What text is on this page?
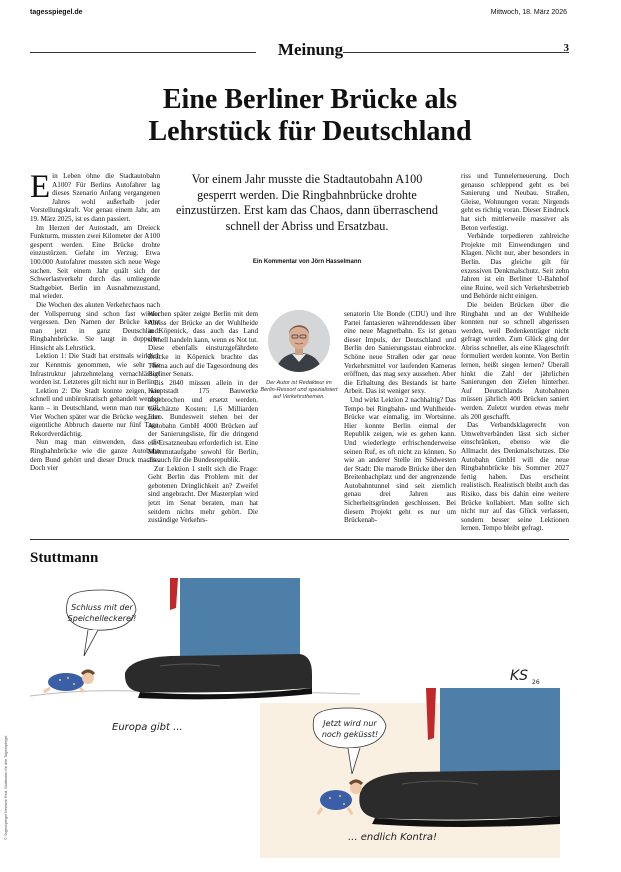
tagesspiegel.de	Mittwoch, 18. März 2026
3
Meinung
Eine Berliner Brücke als
Lehrstück für Deutschland

Ein Leben ohne die Stadtautobahn A100? Für Berlins Autofahrer lag dieses Szenario Anfang vergangenen Jahres wohl außerhalb jeder Vorstellungskraft. Vor genau einem Jahr, am 19. März 2025, ist es dann passiert.

Im Herzen der Autostadt, am Dreieck Funkturm, mussten zwei Kilometer der A100 gesperrt werden. Eine Brücke drohte einzustürzen. Gefahr im Verzug. Etwa 100.000 Autofahrer mussten sich neue Wege suchen. Seit einem Jahr quält sich der Schwerlastverkehr durch das umliegende Stadtgebiet. Berlin im Ausnahmezustand, mal wieder.

Die Wochen des akuten Verkehrchaos nach der Vollsperrung sind schon fast wieder vergessen. Den Namen der Brücke kennt man jetzt in ganz Deutschland: Ringbahnbrücke. Sie taugt in doppelter Hinsicht als Lehrstück.

Lektion 1: Die Stadt hat erstmals wirklich zur Kenntnis genommen, wie sehr die Infrastruktur jahrzehntelang vernachlässigt worden ist. Letzteres gilt nicht nur in Berlin.

Lektion 2: Die Stadt konnte zeigen, wie schnell und unbürokratisch gehandelt werden kann – in Deutschland, wenn man nur will. Vier Wochen später war die Brücke weg, der eigentliche Abbruch dauerte nur fünf Tage. Rekordverdächtig.

Nun mag man einwenden, dass die Ringbahnbrücke wie die ganze Autobahn dem Bund gehört und dieser Druck machte. Doch vier

Vor einem Jahr musste die Stadtautobahn A100 gesperrt werden. Die Ringbahnbrücke drohte einzustürzen. Erst kam das Chaos, dann überraschend schnell der Abriss und Ersatzbau.
Ein Kommentar von Jörn Hasselmann

Wochen später zeigte Berlin mit dem Abriss der Brücke an der Wuhlheide in Köpenick, dass auch das Land schnell handeln kann, wenn es Not tut. Diese ebenfalls einsturzgefährdete Brücke in Köpenick brachte das Thema auch auf die Tagesordnung des Berliner Senats.

Bis 2040 müssen allein in der Hauptstadt 175 Bauwerke abgebrochen und ersetzt werden. Geschätzte Kosten: 1,6 Milliarden Euro. Bundesweit stehen bei der Autobahn GmbH 4000 Brücken auf der Sanierungsliste, für die dringend ein Ersatzneubau erforderlich ist. Eine Mammutaufgabe sowohl für Berlin, als auch für die Bundesrepublik.

Zur Lektion 1 stellt sich die Frage: Geht Berlin das Problem mit der gebotenen Dringlichkeit an? Zweifel sind angebracht. Der Masterplan wird jetzt im Senat beraten, man hat seitdem nichts mehr gehört. Die zuständige Verkehrs-

Der Autor ist Redakteur im Berlin-Ressort und spezialisiert auf Verkehrsthemen.

senatorin Ute Bonde (CDU) und ihre Partei fantasieren währenddessen über eine neue Magnetbahn. Es ist genau dieser Impuls, der Deutschland und Berlin den Sanierungsstau einbrockte. Schöne neue Straßen oder gar neue Verkehrsmittel vor laufenden Kameras eröffnen, das mag sexy aussehen. Aber die Erhaltung des Bestands ist harte Arbeit. Das ist weniger sexy.

Und wirkt Lektion 2 nachhaltig? Das Tempo bei Ringbahn- und Wuhlheide-Brücke war einmalig, im Wortsinne. Hier konnte Berlin einmal der Republik zeigen, wie es gehen kann. Und wiederlegte erfrischenderweise seinen Ruf, es oft nicht zu können. So wie an anderer Stelle im Südwesten der Stadt: Die marode Brücke über den Breitenbachplatz und der angrenzende Autobahntunnel sind seit ziemlich genau drei Jahren aus Sicherheitsgründen geschlossen. Bei diesem Projekt geht es nur um Brückenab-

riss und Tunnelerneuerung. Doch genauso schleppend geht es bei Sanierung und Neubau. Straßen, Gleise, Wohnungen voran: Nirgends geht es richtig voran. Dieser Eindruck hat sich mittlerweile massiver als Beton verfestigt.

Verbände torpedieren zahlreiche Projekte mit Einwendungen und Klagen. Nicht nur, aber besonders in Berlin. Das gleiche gilt für exzessiven Denkmalschutz. Seit zehn Jahren ist ein Berliner U-Bahnhof eine Ruine, weil sich Verkehrsbetrieb und Behörde nicht einigen.

Die beiden Brücken über die Ringbahn und an der Wuhlheide konnten nur so schnell abgerissen werden, weil Bedenkenträger nicht gefragt wurden. Zum Glück ging der Abriss schneller, als eine Klageschrift formuliert werden konnte. Von Berlin lernen, heißt siegen lernen? Überall hinkt die Zahl der jährlichen Sanierungen den Zielen hinterher. Auf Deutschlands Autobahnen müssen jährlich 400 Brücken saniert werden. Zuletzt wurden etwas mehr als 200 geschafft.

Das Verbandsklagerecht von Umweltverbänden lässt sich sicher einschränken, ebenso wie die Allmacht des Denkmalschutzes. Die Autobahn GmbH will die neue Ringbahnbrücke bis Sommer 2027 fertig haben. Das erscheint realistisch. Realistisch bleibt auch das Risiko, dass bis dahin eine weitere Brücke kollabiert. Man sollte sich nicht nur auf das Glück verlassen, sondern besser seine Lektionen lernen. Tempo bleibt gefragt.

Stuttmann
© Tagesspiegel Newsrm Red. Stuttmann für den Tagesspiegel
Schluss mit der
Speichelleckerei!
Europa gibt ...
KS 26
Jetzt wird nur
noch geküsst!
... endlich Kontra!
